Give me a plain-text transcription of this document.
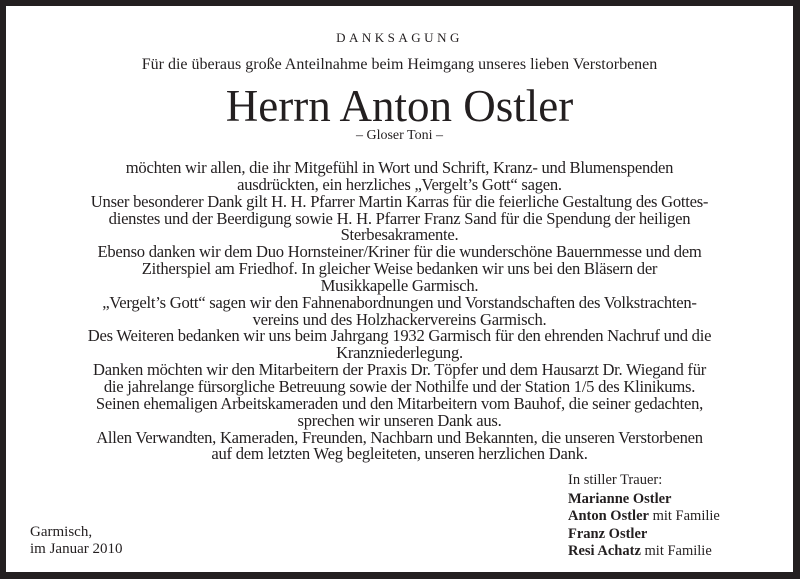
DANKSAGUNG
Für die überaus große Anteilnahme beim Heimgang unseres lieben Verstorbenen
Herrn Anton Ostler
– Gloser Toni –
möchten wir allen, die ihr Mitgefühl in Wort und Schrift, Kranz- und Blumenspenden
ausdrückten, ein herzliches „Vergelt’s Gott“ sagen.
Unser besonderer Dank gilt H. H. Pfarrer Martin Karras für die feierliche Gestaltung des Gottes-
dienstes und der Beerdigung sowie H. H. Pfarrer Franz Sand für die Spendung der heiligen
Sterbesakramente.
Ebenso danken wir dem Duo Hornsteiner/Kriner für die wunderschöne Bauernmesse und dem
Zitherspiel am Friedhof. In gleicher Weise bedanken wir uns bei den Bläsern der
Musikkapelle Garmisch.
„Vergelt’s Gott“ sagen wir den Fahnenabordnungen und Vorstandschaften des Volkstrachten-
vereins und des Holzhackervereins Garmisch.
Des Weiteren bedanken wir uns beim Jahrgang 1932 Garmisch für den ehrenden Nachruf und die
Kranzniederlegung.
Danken möchten wir den Mitarbeitern der Praxis Dr. Töpfer und dem Hausarzt Dr. Wiegand für
die jahrelange fürsorgliche Betreuung sowie der Nothilfe und der Station 1/5 des Klinikums.
Seinen ehemaligen Arbeitskameraden und den Mitarbeitern vom Bauhof, die seiner gedachten,
sprechen wir unseren Dank aus.
Allen Verwandten, Kameraden, Freunden, Nachbarn und Bekannten, die unseren Verstorbenen
auf dem letzten Weg begleiteten, unseren herzlichen Dank.
Garmisch,
im Januar 2010
In stiller Trauer:
Marianne Ostler
Anton Ostler mit Familie
Franz Ostler
Resi Achatz mit Familie
